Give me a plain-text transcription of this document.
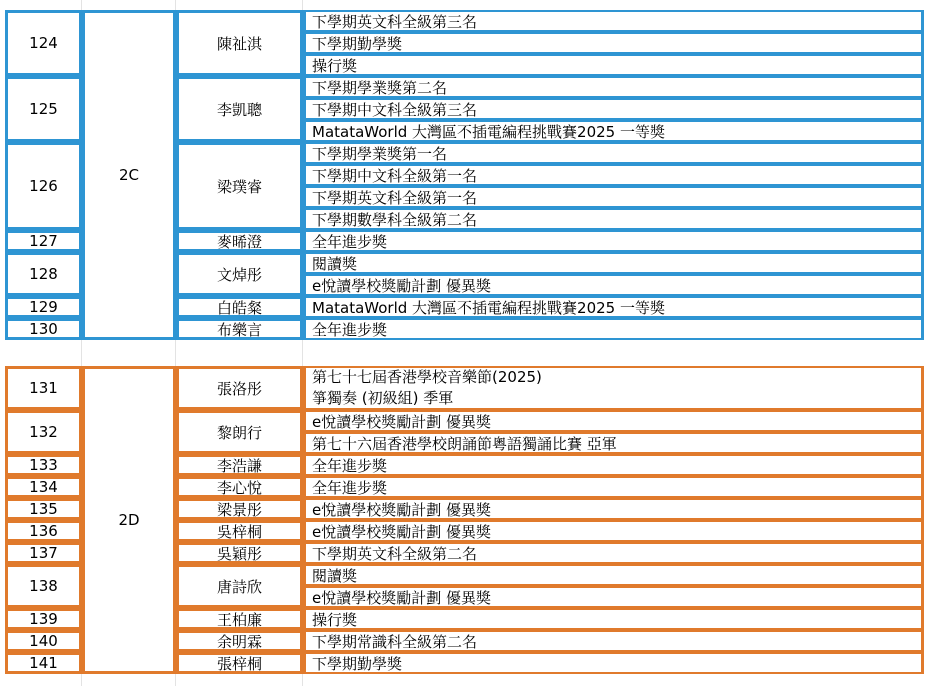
2C
124	陳祉淇
下學期英文科全級第三名
下學期勤學獎
操行獎
125	李凱聰
下學期學業獎第二名
下學期中文科全級第三名
MatataWorld 大灣區不插電編程挑戰賽2025 一等獎
126	梁璞睿
下學期學業獎第一名
下學期中文科全級第一名
下學期英文科全級第一名
下學期數學科全級第二名
127	麥晞澄	全年進步獎
128	文焯彤
閱讀獎
e悅讀學校獎勵計劃 優異獎
129	白皓粲	MatataWorld 大灣區不插電編程挑戰賽2025 一等獎
130	布樂言	全年進步獎
2D
131	張洛彤
第七十七屆香港學校音樂節(2025)
箏獨奏 (初級組) 季軍
132	黎朗行
e悅讀學校獎勵計劃 優異獎
第七十六屆香港學校朗誦節粵語獨誦比賽 亞軍
133	李浩謙	全年進步獎
134	李心悅	全年進步獎
135	梁景彤	e悅讀學校獎勵計劃 優異獎
136	吳梓桐	e悅讀學校獎勵計劃 優異獎
137	吳穎彤	下學期英文科全級第二名
138	唐詩欣
閱讀獎
e悅讀學校獎勵計劃 優異獎
139	王柏廉	操行獎
140	余明霖	下學期常識科全級第二名
141	張梓桐	下學期勤學獎
